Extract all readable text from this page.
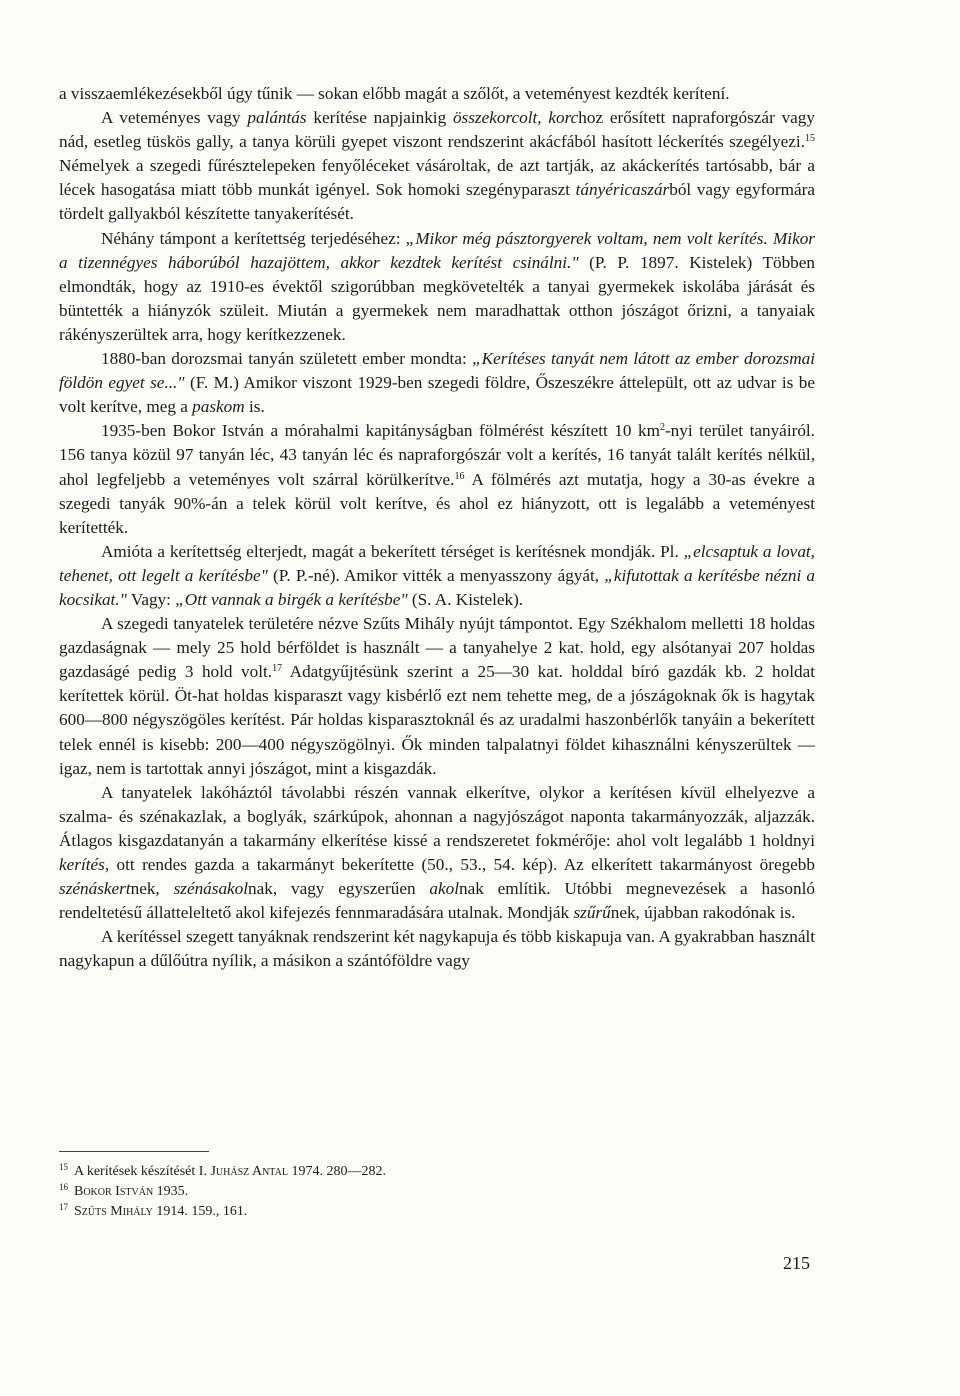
a visszaemlékezésekből úgy tűnik — sokan előbb magát a szőlőt, a veteményest kezdték kerítení.

A veteményes vagy palántás kerítése napjainkig összekorcolt, korchoz erősített napraforgószár vagy nád, esetleg tüskös gally, a tanya körüli gyepet viszont rendszerint akácfából hasított léckerítés szegélyezi.$^{15}$ Némelyek a szegedi fűrésztelepeken fenyőléceket vásároltak, de azt tartják, az akáckerítés tartósabb, bár a lécek hasogatása miatt több munkát igényel. Sok homoki szegényparaszt tányéricaszárból vagy egyformára tördelt gallyakból készítette tanyakerítését.

Néhány támpont a kerítettség terjedéséhez: „Mikor még pásztorgyerek voltam, nem volt kerítés. Mikor a tizennégyes háborúból hazajöttem, akkor kezdtek kerítést csinálni." (P. P. 1897. Kistelek) Többen elmondták, hogy az 1910-es évektől szigorúbban megkövetelték a tanyai gyermekek iskolába járását és büntették a hiányzók szüleit. Miután a gyermekek nem maradhattak otthon jószágot őrizni, a tanyaiak rákényszerültek arra, hogy kerítkezzenek.

1880-ban dorozsmai tanyán született ember mondta: „Kerítéses tanyát nem látott az ember dorozsmai földön egyet se..." (F. M.) Amikor viszont 1929-ben szegedi földre, Őszeszékre áttelepült, ott az udvar is be volt kerítve, meg a paskom is.

1935-ben Bokor István a mórahalmi kapitányságban fölmérést készített 10 $km^2$-nyi terület tanyáiról. 156 tanya közül 97 tanyán léc, 43 tanyán léc és napraforgószár volt a kerítés, 16 tanyát talált kerítés nélkül, ahol legfeljebb a veteményes volt szárral körülkerítve.$^{16}$ A fölmérés azt mutatja, hogy a 30-as évekre a szegedi tanyák 90%-án a telek körül volt kerítve, és ahol ez hiányzott, ott is legalább a veteményest kerítették.

Amióta a kerítettség elterjedt, magát a bekerített térséget is kerítésnek mondják. Pl. „elcsaptuk a lovat, tehenet, ott legelt a kerítésbe" (P. P.-né). Amikor vitték a menyasszony ágyát, „kifutottak a kerítésbe nézni a kocsikat." Vagy: „Ott vannak a birgék a kerítésbe" (S. A. Kistelek).

A szegedi tanyatelek területére nézve Szűts Mihály nyújt támpontot. Egy Székhalom melletti 18 holdas gazdaságnak — mely 25 hold bérföldet is használt — a tanyahelye 2 kat. hold, egy alsótanyai 207 holdas gazdaságé pedig 3 hold volt.$^{17}$ Adatgyűjtésünk szerint a 25—30 kat. holddal bíró gazdák kb. 2 holdat kerítettek körül. Öt-hat holdas kisparaszt vagy kisbérlő ezt nem tehette meg, de a jószágoknak ők is hagytak 600—800 négyszögöles kerítést. Pár holdas kisparasztoknál és az uradalmi haszonbérlők tanyáin a bekerített telek ennél is kisebb: 200—400 négyszögölnyi. Ők minden talpalatnyi földet kihasználni kényszerültek — igaz, nem is tartottak annyi jószágot, mint a kisgazdák.

A tanyatelek lakóháztól távolabbi részén vannak elkerítve, olykor a kerítésen kívül elhelyezve a szalma- és szénakazlak, a boglyák, szárkúpok, ahonnan a nagyjószágot naponta takarmányozzák, aljazzák. Átlagos kisgazdatanyán a takarmány elkerítése kissé a rendszeretet fokmérője: ahol volt legalább 1 holdnyi kerítés, ott rendes gazda a takarmányt bekerítette (50., 53., 54. kép). Az elkerített takarmányost öregebb szénáskertnek, szénásakolnak, vagy egyszerűen akolnak említik. Utóbbi megnevezések a hasonló rendeltetésű állatteleltető akol kifejezés fennmaradására utalnak. Mondják szűrűnek, újabban rakodónak is.

A kerítéssel szegett tanyáknak rendszerint két nagykapuja és több kiskapuja van. A gyakrabban használt nagykapun a dűlőútra nyílik, a másikon a szántóföldre vagy

$^{15}$ A kerítések készítését I. Juhász Antal 1974. 280—282.

$^{16}$ Bokor István 1935.

$^{17}$ Szűts Mihály 1914. 159., 161.

215
